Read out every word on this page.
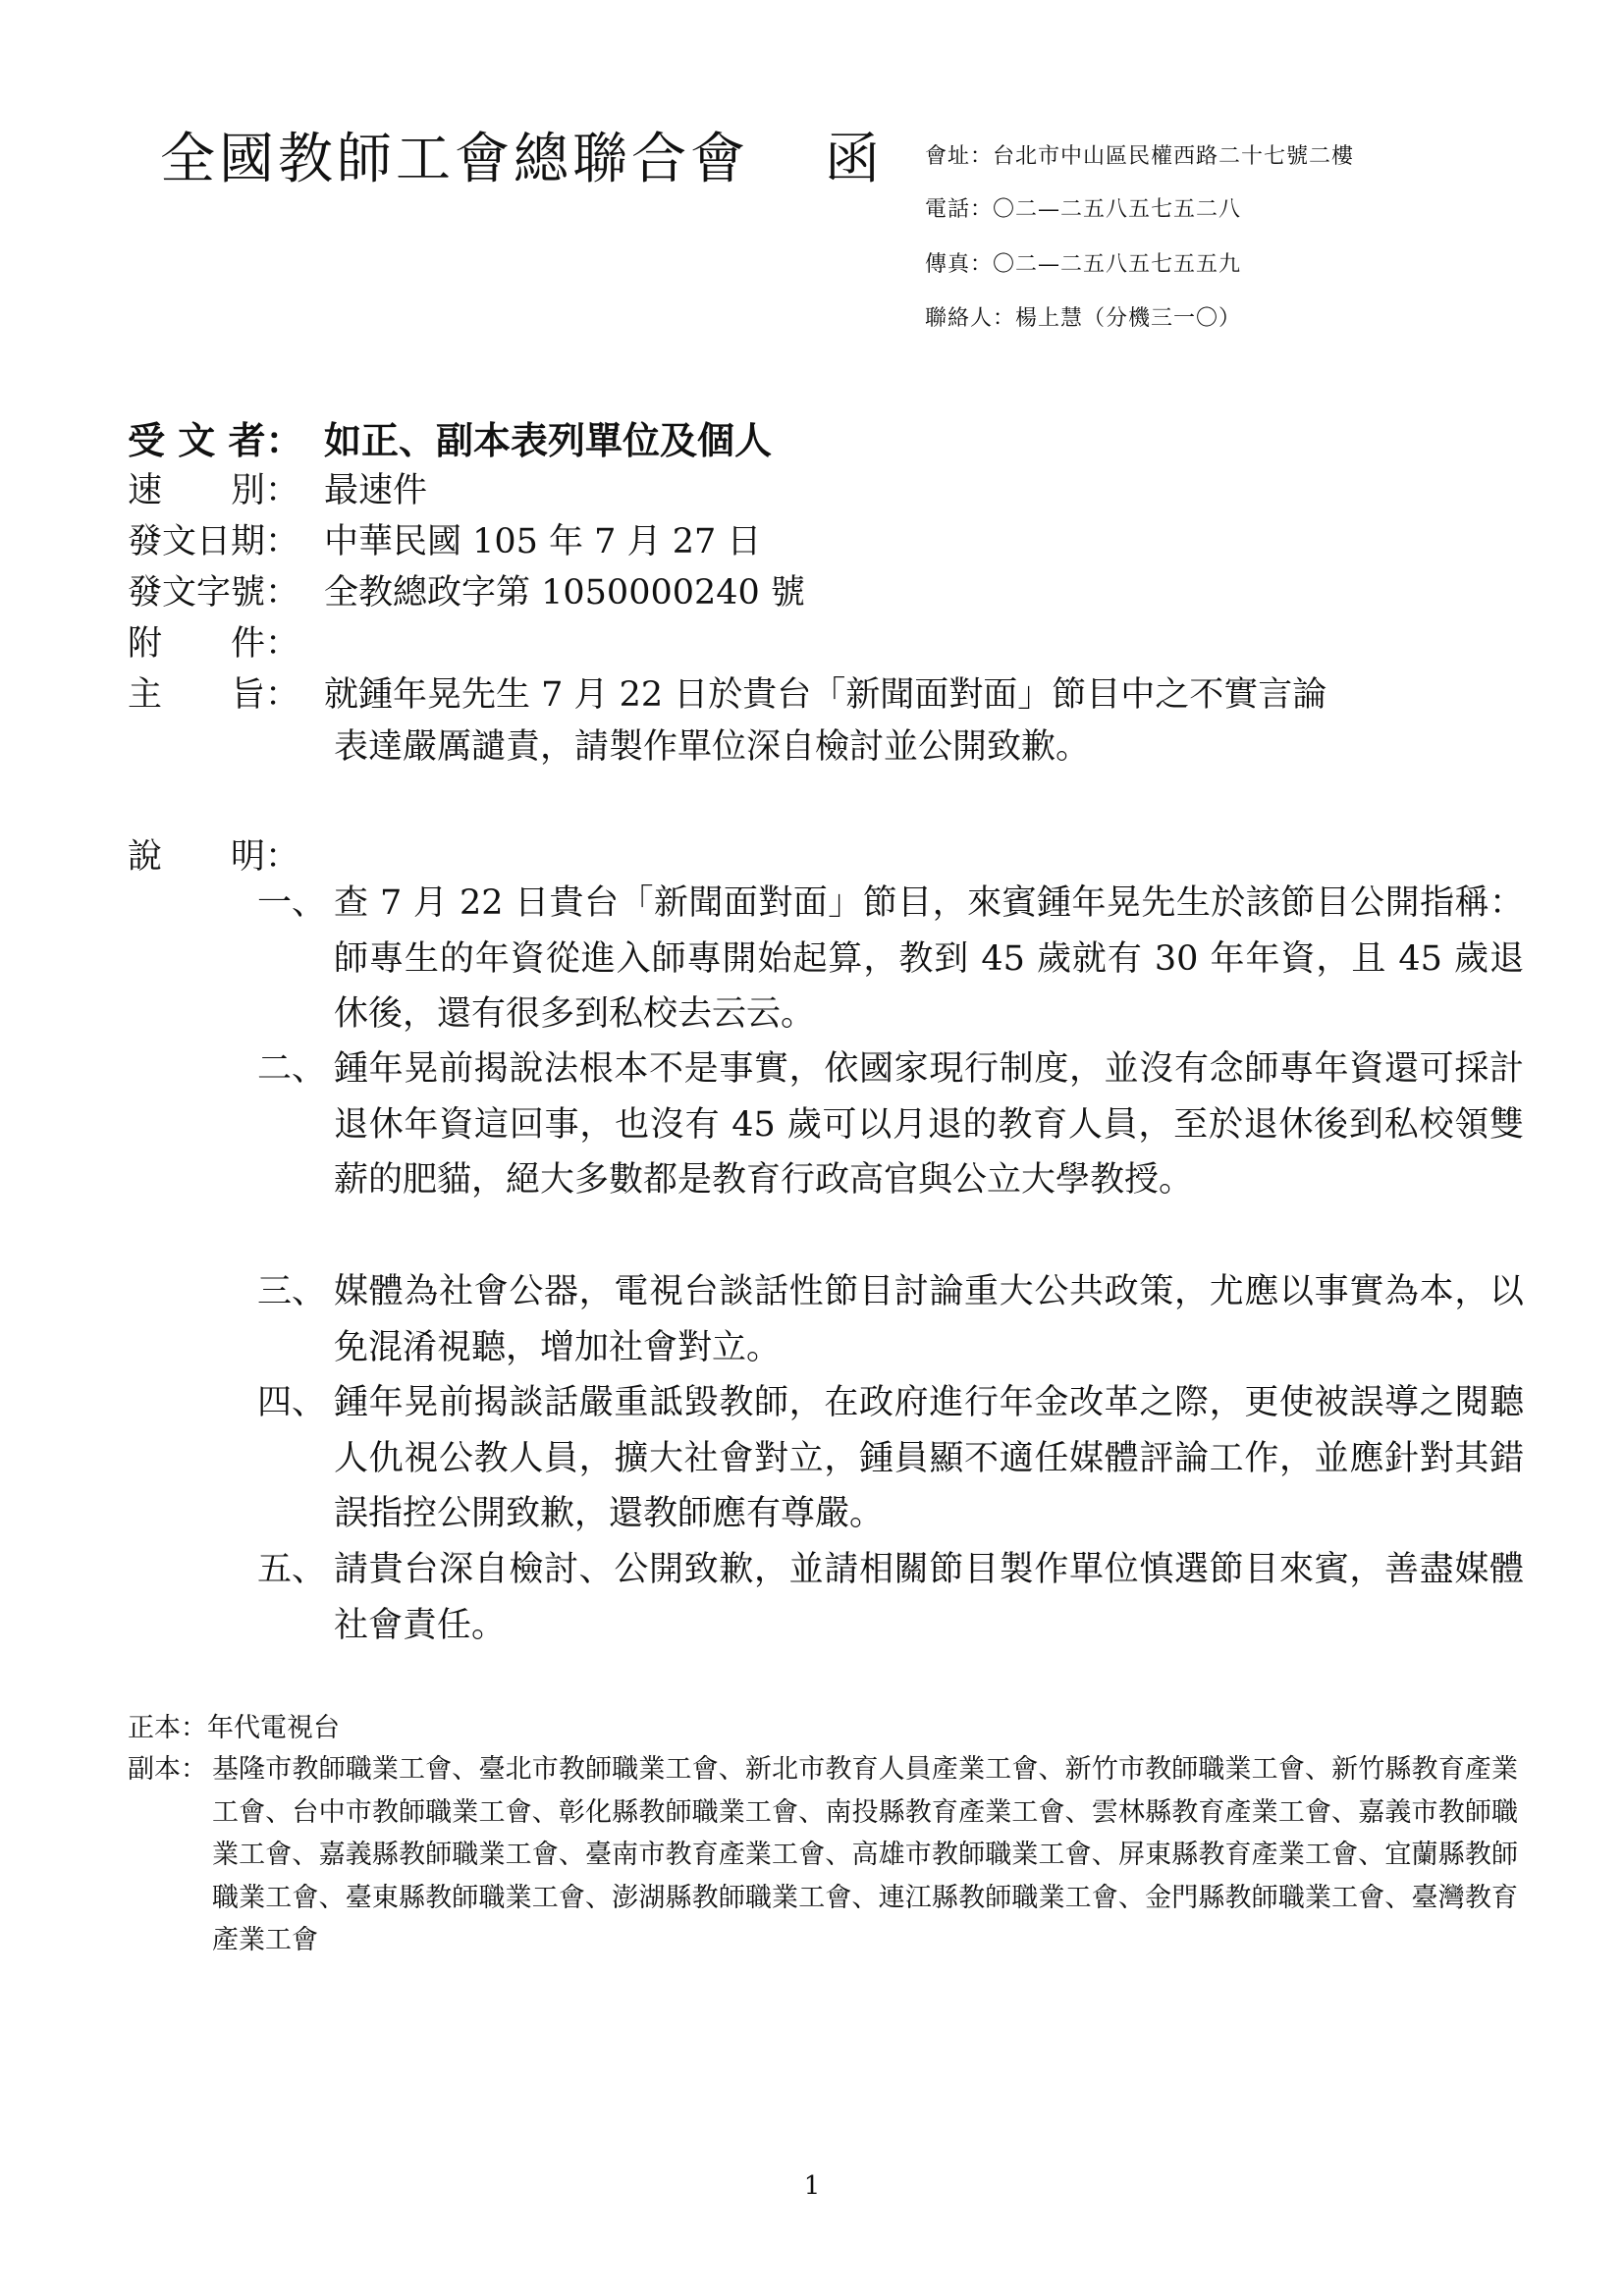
全國教師工會總聯合會 函 會址：台北市中山區民權西路二十七號二樓
電話：〇二—二五八五七五二八
傳真：〇二—二五八五七五五九
聯絡人：楊上慧（分機三一〇）
受 文 者： 如正、副本表列單位及個人
速　　別： 最速件
發文日期： 中華民國 105 年 7 月 27 日
發文字號： 全教總政字第 1050000240 號
附　　件：
主　　旨： 就鍾年晃先生 7 月 22 日於貴台「新聞面對面」節目中之不實言論
表達嚴厲譴責，請製作單位深自檢討並公開致歉。
說　　明：
一、 查 7 月 22 日貴台「新聞面對面」節目，來賓鍾年晃先生於該節目公開指稱：師專生的年資從進入師專開始起算，教到 45 歲就有 30 年年資，且 45 歲退休後，還有很多到私校去云云。
二、 鍾年晃前揭說法根本不是事實，依國家現行制度，並沒有念師專年資還可採計退休年資這回事，也沒有 45 歲可以月退的教育人員，至於退休後到私校領雙薪的肥貓，絕大多數都是教育行政高官與公立大學教授。
三、 媒體為社會公器，電視台談話性節目討論重大公共政策，尤應以事實為本，以免混淆視聽，增加社會對立。
四、 鍾年晃前揭談話嚴重詆毀教師，在政府進行年金改革之際，更使被誤導之閱聽人仇視公教人員，擴大社會對立，鍾員顯不適任媒體評論工作，並應針對其錯誤指控公開致歉，還教師應有尊嚴。
五、 請貴台深自檢討、公開致歉，並請相關節目製作單位慎選節目來賓，善盡媒體社會責任。
正本：年代電視台
副本： 基隆市教師職業工會、臺北市教師職業工會、新北市教育人員產業工會、新竹市教師職業工會、新竹縣教育產業工會、台中市教師職業工會、彰化縣教師職業工會、南投縣教育產業工會、雲林縣教育產業工會、嘉義市教師職業工會、嘉義縣教師職業工會、臺南市教育產業工會、高雄市教師職業工會、屏東縣教育產業工會、宜蘭縣教師職業工會、臺東縣教師職業工會、澎湖縣教師職業工會、連江縣教師職業工會、金門縣教師職業工會、臺灣教育產業工會
1
